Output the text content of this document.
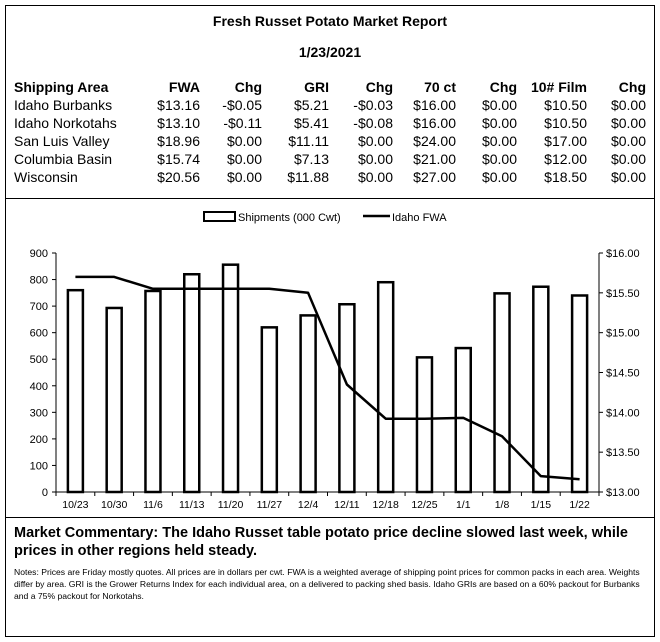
Fresh Russet Potato Market Report
1/23/2021
Shipping Area	FWA	Chg	GRI	Chg	70 ct	Chg	10# Film	Chg
Idaho Burbanks	$13.16	-$0.05	$5.21	-$0.03	$16.00	$0.00	$10.50	$0.00
Idaho Norkotahs	$13.10	-$0.11	$5.41	-$0.08	$16.00	$0.00	$10.50	$0.00
San Luis Valley	$18.96	$0.00	$11.11	$0.00	$24.00	$0.00	$17.00	$0.00
Columbia Basin	$15.74	$0.00	$7.13	$0.00	$21.00	$0.00	$12.00	$0.00
Wisconsin	$20.56	$0.00	$11.88	$0.00	$27.00	$0.00	$18.50	$0.00
0
100
200
300
400
500
600
700
800
900
$13.00
$13.50
$14.00
$14.50
$15.00
$15.50
$16.00
10/23 10/30 11/6 11/13 11/20 11/27 12/4 12/11 12/18 12/25 1/1 1/8 1/15 1/22
Shipments (000 Cwt)	Idaho FWA
Market Commentary: The Idaho Russet table potato price decline slowed last week, while prices in other regions held steady.
Notes: Prices are Friday mostly quotes. All prices are in dollars per cwt. FWA is a weighted average of shipping point prices for common packs in each area. Weights differ by area. GRI is the Grower Returns Index for each individual area, on a delivered to packing shed basis. Idaho GRIs are based on a 60% packout for Burbanks and a 75% packout for Norkotahs.
